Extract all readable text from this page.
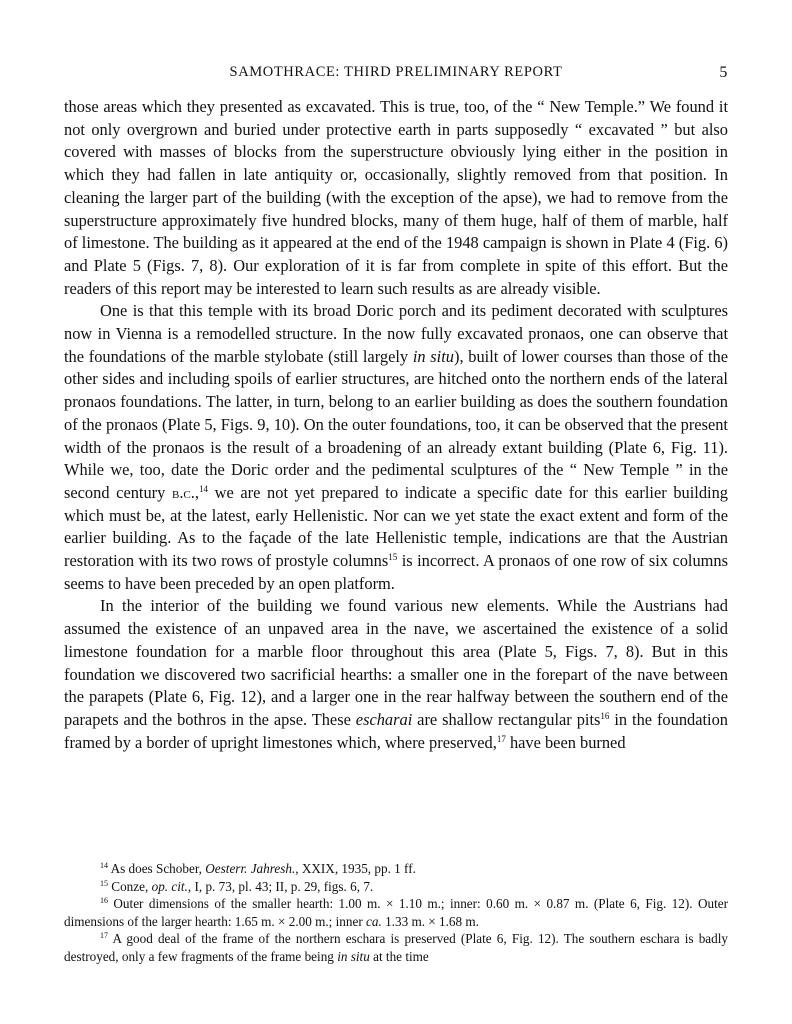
SAMOTHRACE: THIRD PRELIMINARY REPORT	5

those areas which they presented as excavated. This is true, too, of the “ New Temple.” We found it not only overgrown and buried under protective earth in parts supposedly “ excavated ” but also covered with masses of blocks from the superstructure obviously lying either in the position in which they had fallen in late antiquity or, occasionally, slightly removed from that position. In cleaning the larger part of the building (with the exception of the apse), we had to remove from the superstructure approximately five hundred blocks, many of them huge, half of them of marble, half of limestone. The building as it appeared at the end of the 1948 campaign is shown in Plate 4 (Fig. 6) and Plate 5 (Figs. 7, 8). Our exploration of it is far from complete in spite of this effort. But the readers of this report may be interested to learn such results as are already visible.

One is that this temple with its broad Doric porch and its pediment decorated with sculptures now in Vienna is a remodelled structure. In the now fully excavated pronaos, one can observe that the foundations of the marble stylobate (still largely in situ), built of lower courses than those of the other sides and including spoils of earlier structures, are hitched onto the northern ends of the lateral pronaos foundations. The latter, in turn, belong to an earlier building as does the southern foundation of the pronaos (Plate 5, Figs. 9, 10). On the outer foundations, too, it can be observed that the present width of the pronaos is the result of a broadening of an already extant building (Plate 6, Fig. 11). While we, too, date the Doric order and the pedimental sculptures of the “ New Temple ” in the second century b.c.,$^{14}$ we are not yet prepared to indicate a specific date for this earlier building which must be, at the latest, early Hellenistic. Nor can we yet state the exact extent and form of the earlier building. As to the façade of the late Hellenistic temple, indications are that the Austrian restoration with its two rows of prostyle columns$^{15}$ is incorrect. A pronaos of one row of six columns seems to have been preceded by an open platform.

In the interior of the building we found various new elements. While the Austrians had assumed the existence of an unpaved area in the nave, we ascertained the existence of a solid limestone foundation for a marble floor throughout this area (Plate 5, Figs. 7, 8). But in this foundation we discovered two sacrificial hearths: a smaller one in the forepart of the nave between the parapets (Plate 6, Fig. 12), and a larger one in the rear halfway between the southern end of the parapets and the bothros in the apse. These escharai are shallow rectangular pits$^{16}$ in the foundation framed by a border of upright limestones which, where preserved,$^{17}$ have been burned

$^{14}$ As does Schober, Oesterr. Jahresh., XXIX, 1935, pp. 1 ff.

$^{15}$ Conze, op. cit., I, p. 73, pl. 43; II, p. 29, figs. 6, 7.

$^{16}$ Outer dimensions of the smaller hearth: 1.00 m. × 1.10 m.; inner: 0.60 m. × 0.87 m. (Plate 6, Fig. 12). Outer dimensions of the larger hearth: 1.65 m. × 2.00 m.; inner ca. 1.33 m. × 1.68 m.

$^{17}$ A good deal of the frame of the northern eschara is preserved (Plate 6, Fig. 12). The southern eschara is badly destroyed, only a few fragments of the frame being in situ at the time
